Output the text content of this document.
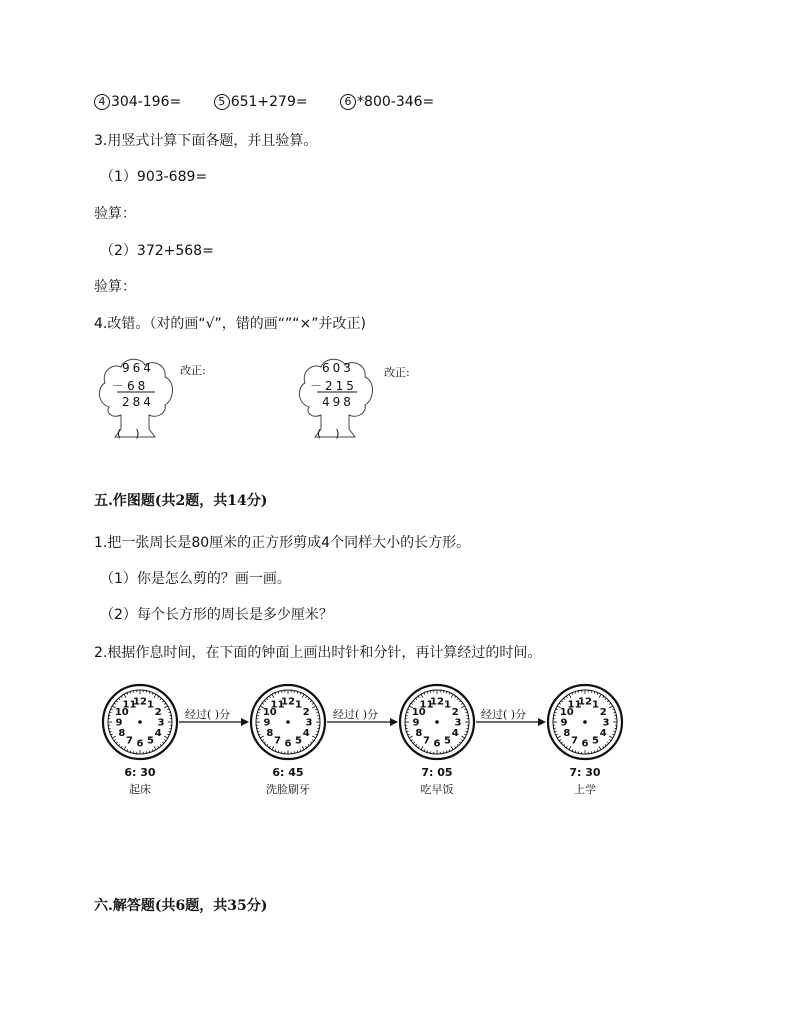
4 304-196=	5 651+279=	6 *800-346=
3.用竖式计算下面各题，并且验算。
（1）903-689=
验算：
（2）372+568=
验算：
4.改错。（对的画“√”，错的画“”“×”并改正)
964
－68
284
(    )
改正:	603
－215
498
(    )
改正:
五.作图题(共2题，共14分)
1.把一张周长是80厘米的正方形剪成4个同样大小的长方形。
（1）你是怎么剪的？画一画。
（2）每个长方形的周长是多少厘米？
2.根据作息时间，在下面的钟面上画出时针和分针，再计算经过的时间。
1
2
3
4
5
6
7
8
9
10
11
12	1
2
3
4
5
6
7
8
9
10
11
12	1
2
3
4
5
6
7
8
9
10
11
12	1
2
3
4
5
6
7
8
9
10
11
12
6: 30
起床
6: 45
洗脸刷牙
7: 05
吃早饭
7: 30
上学
经过( )分	经过( )分	经过( )分
六.解答题(共6题，共35分)
